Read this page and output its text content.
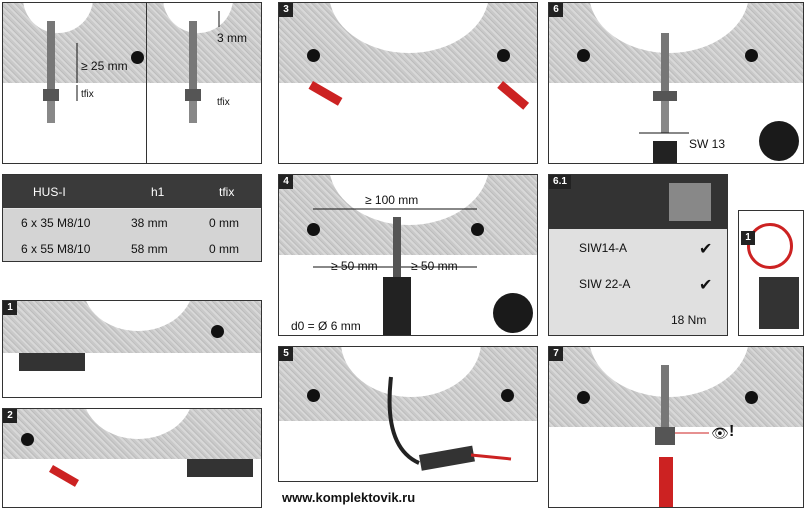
≥ 25 mm
tfix
3 mm
tfix
3
SW 13
6
HUS-I	h1	tfix
6 x 35 M8/10	38 mm	0 mm
6 x 55 M8/10	58 mm	0 mm
≥ 100 mm
≥ 50 mm	≥ 50 mm
d0 = Ø 6 mm
4	6.1
SIW14-A	✔
SIW 22-A	✔
18 Nm
1
1
2
5
👁 !
7
www.komplektovik.ru
